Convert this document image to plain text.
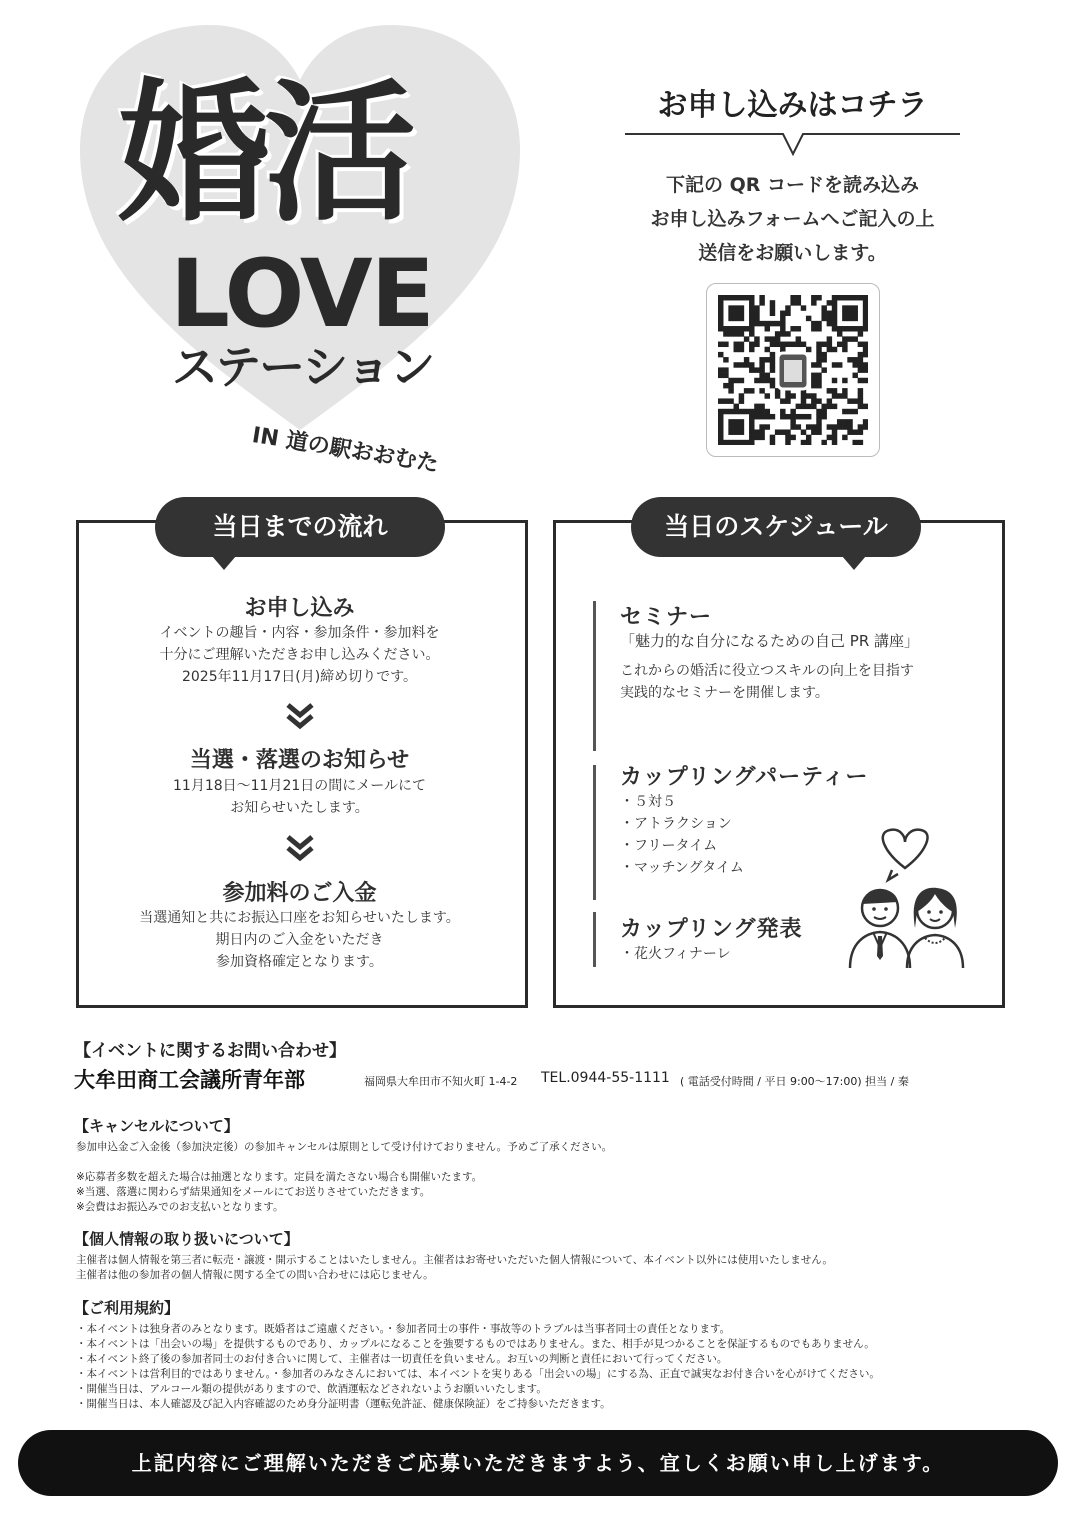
婚活
LOVE
ステーション
IN 道の駅おおむた
お申し込みはコチラ
下記の QR コードを読み込み
お申し込みフォームへご記入の上
送信をお願いします。
当日までの流れ
お申し込み
イベントの趣旨・内容・参加条件・参加料を
十分にご理解いただきお申し込みください。
2025年11月17日(月)締め切りです。
当選・落選のお知らせ
11月18日～11月21日の間にメールにて
お知らせいたします。
参加料のご入金
当選通知と共にお振込口座をお知らせいたします。
期日内のご入金をいただき
参加資格確定となります。
当日のスケジュール
セミナー
「魅力的な自分になるための自己 PR 講座」
これからの婚活に役立つスキルの向上を目指す
実践的なセミナーを開催します。
カップリングパーティー
・５対５
・アトラクション
・フリータイム
・マッチングタイム
カップリング発表
・花火フィナーレ
【イベントに関するお問い合わせ】
大牟田商工会議所青年部	福岡県大牟田市不知火町 1-4-2 TEL.0944-55-1111 ( 電話受付時間 / 平日 9:00～17:00) 担当 / 秦
【キャンセルについて】
参加申込金ご入金後（参加決定後）の参加キャンセルは原則として受け付けておりません。予めご了承ください。
※応募者多数を超えた場合は抽選となります。定員を満たさない場合も開催いたます。
※当選、落選に関わらず結果通知をメールにてお送りさせていただきます。
※会費はお振込みでのお支払いとなります。
【個人情報の取り扱いについて】
主催者は個人情報を第三者に転売・譲渡・開示することはいたしません。主催者はお寄せいただいた個人情報について、本イベント以外には使用いたしません。
主催者は他の参加者の個人情報に関する全ての問い合わせには応じません。
【ご利用規約】
・本イベントは独身者のみとなります。既婚者はご遠慮ください。・参加者同士の事件・事故等のトラブルは当事者同士の責任となります。
・本イベントは「出会いの場」を提供するものであり、カップルになることを強要するものではありません。また、相手が見つかることを保証するものでもありません。
・本イベント終了後の参加者同士のお付き合いに関して、主催者は一切責任を負いません。お互いの判断と責任において行ってください。
・本イベントは営利目的ではありません。・参加者のみなさんにおいては、本イベントを実りある「出会いの場」にする為、正直で誠実なお付き合いを心がけてください。
・開催当日は、アルコール類の提供がありますので、飲酒運転などされないようお願いいたします。
・開催当日は、本人確認及び記入内容確認のため身分証明書（運転免許証、健康保険証）をご持参いただきます。
上記内容にご理解いただきご応募いただきますよう、宜しくお願い申し上げます。
